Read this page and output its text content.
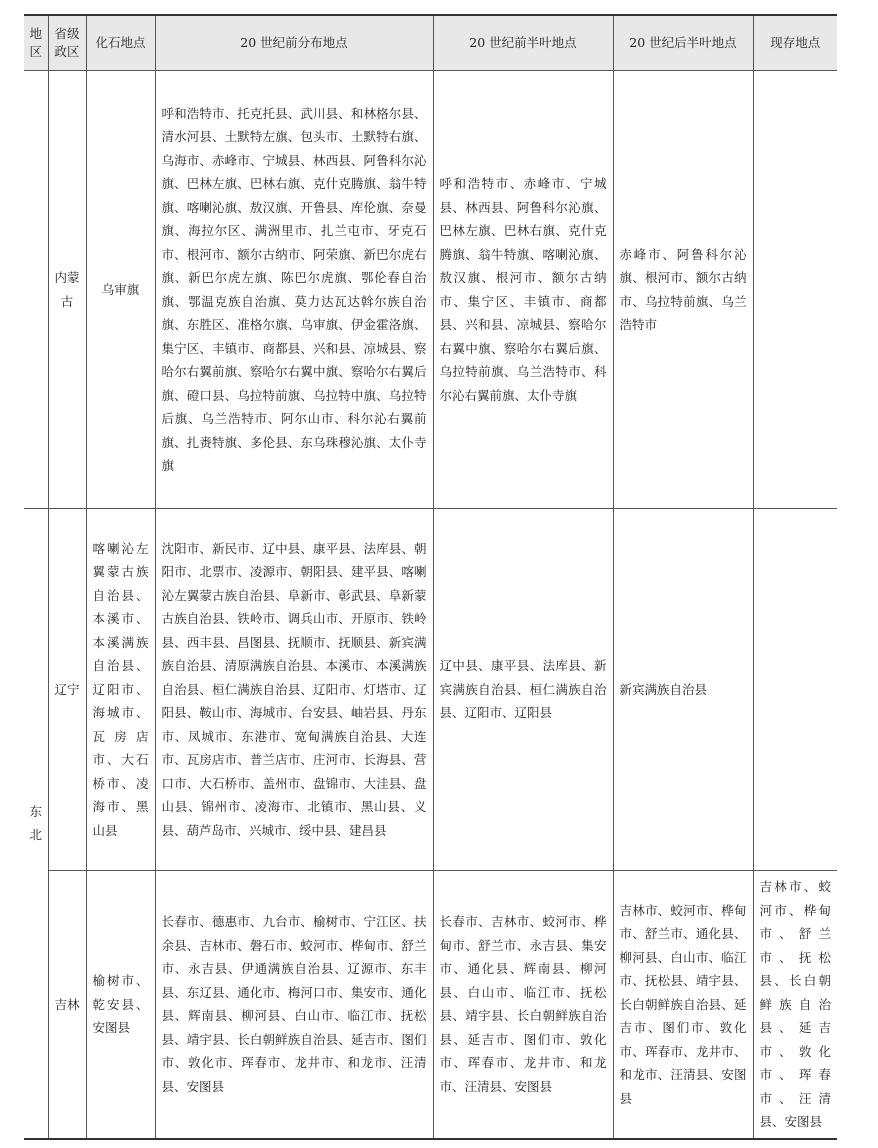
地区	省级政区	化石地点	20 世纪前分布地点	20 世纪前半叶地点	20 世纪后半叶地点	现存地点
	内蒙古	乌审旗	呼和浩特市、托克托县、武川县、和林格尔县、清水河县、土默特左旗、包头市、土默特右旗、乌海市、赤峰市、宁城县、林西县、阿鲁科尔沁旗、巴林左旗、巴林右旗、克什克腾旗、翁牛特旗、喀喇沁旗、敖汉旗、开鲁县、库伦旗、奈曼旗、海拉尔区、满洲里市、扎兰屯市、牙克石市、根河市、额尔古纳市、阿荣旗、新巴尔虎右旗、新巴尔虎左旗、陈巴尔虎旗、鄂伦春自治旗、鄂温克族自治旗、莫力达瓦达斡尔族自治旗、东胜区、准格尔旗、乌审旗、伊金霍洛旗、集宁区、丰镇市、商都县、兴和县、凉城县、察哈尔右翼前旗、察哈尔右翼中旗、察哈尔右翼后旗、磴口县、乌拉特前旗、乌拉特中旗、乌拉特后旗、乌兰浩特市、阿尔山市、科尔沁右翼前旗、扎赉特旗、多伦县、东乌珠穆沁旗、太仆寺旗	呼和浩特市、赤峰市、宁城县、林西县、阿鲁科尔沁旗、巴林左旗、巴林右旗、克什克腾旗、翁牛特旗、喀喇沁旗、敖汉旗、根河市、额尔古纳市、集宁区、丰镇市、商都县、兴和县、凉城县、察哈尔右翼中旗、察哈尔右翼后旗、乌拉特前旗、乌兰浩特市、科尔沁右翼前旗、太仆寺旗	赤峰市、阿鲁科尔沁旗、根河市、额尔古纳市、乌拉特前旗、乌兰浩特市	

东北	辽宁	喀喇沁左翼蒙古族自治县、本溪市、本溪满族自治县、辽阳市、海城市、瓦房店市、大石桥市、凌海市、黑山县	沈阳市、新民市、辽中县、康平县、法库县、朝阳市、北票市、凌源市、朝阳县、建平县、喀喇沁左翼蒙古族自治县、阜新市、彰武县、阜新蒙古族自治县、铁岭市、调兵山市、开原市、铁岭县、西丰县、昌图县、抚顺市、抚顺县、新宾满族自治县、清原满族自治县、本溪市、本溪满族自治县、桓仁满族自治县、辽阳市、灯塔市、辽阳县、鞍山市、海城市、台安县、岫岩县、丹东市、凤城市、东港市、宽甸满族自治县、大连市、瓦房店市、普兰店市、庄河市、长海县、营口市、大石桥市、盖州市、盘锦市、大洼县、盘山县、锦州市、凌海市、北镇市、黑山县、义县、葫芦岛市、兴城市、绥中县、建昌县	辽中县、康平县、法库县、新宾满族自治县、桓仁满族自治县、辽阳市、辽阳县	新宾满族自治县	
	吉林	榆树市、乾安县、安图县	长春市、德惠市、九台市、榆树市、宁江区、扶余县、吉林市、磐石市、蛟河市、桦甸市、舒兰市、永吉县、伊通满族自治县、辽源市、东丰县、东辽县、通化市、梅河口市、集安市、通化县、辉南县、柳河县、白山市、临江市、抚松县、靖宇县、长白朝鲜族自治县、延吉市、图们市、敦化市、珲春市、龙井市、和龙市、汪清县、安图县	长春市、吉林市、蛟河市、桦甸市、舒兰市、永吉县、集安市、通化县、辉南县、柳河县、白山市、临江市、抚松县、靖宇县、长白朝鲜族自治县、延吉市、图们市、敦化市、珲春市、龙井市、和龙市、汪清县、安图县	吉林市、蛟河市、桦甸市、舒兰市、通化县、柳河县、白山市、临江市、抚松县、靖宇县、长白朝鲜族自治县、延吉市、图们市、敦化市、珲春市、龙井市、和龙市、汪清县、安图县	吉林市、蛟河市、桦甸市、舒兰市、抚松县、长白朝鲜族自治县、延吉市、敦化市、珲春市、汪清县、安图县
